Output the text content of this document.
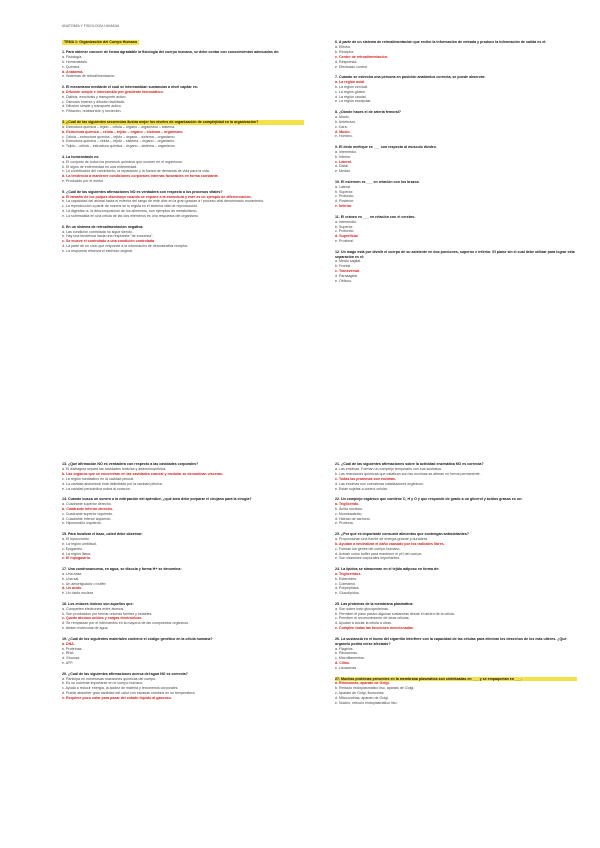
ANATOMÍA Y FISIOLOGÍA HUMANA
TEMA 1: Organización del Cuerpo Humano
1. Para obtener conocer de forma agradable la fisiología del cuerpo humano, se debe contar con conocimientos adecuados de:
a. Fisiología.
b. Homeostasis.
c. Química.
d. Anatomía.
e. Sistemas de retroalimentación.
2. El mecanismo mediante el cual se intercambian sustancias a nivel capilar es:
a. Difusión simple e intercambio por gradiente hidrostático.
b. Diálisis, exocitosis y transporte activo.
c. Ósmosis inversa y difusión facilitada.
d. Difusión simple y transporte activo.
e. Filtración, reabsorción y secreción.
3. ¿Cuál de las siguientes secuencias ilustra mejor los niveles de organización de complejidad en la organización?
a. Estructura química – tejido – célula – órgano – organismo – sistema.
b. Estructura química – célula – tejido – órgano – sistema – organismo.
c. Célula – estructura química – tejido – órgano – sistema – organismo.
d. Estructura química – célula – tejido – sistema – órgano – organismo.
e. Tejido – célula – estructura química – órgano – sistema – organismo.
4. La homeostasis es:
a. El conjunto de todos los procesos químicos que ocurren en el organismo.
b. El signo de enfermedad en una enfermedad.
c. La contribución del crecimiento, la reparación y la fuerza de demanda de vida para la vida.
d. La tendencia a mantener condiciones corporales internas favorables en forma constante.
e. Producido por el medio.
5. ¿Cuál de las siguientes afirmaciones NO es verdadera con respecto a los procesos vitales?
a. El tamaño de los pulpos disminuye cuando se expone a la estructura y este es un ejemplo de diferenciación.
b. La capacidad del animal hacia el exterior del rango de este dice en la gran gracias a l proceso vital denominado movimiento.
c. La reproducción a partir de nuevos se lo regula en el sistema vital de reproducción.
d. La digestión a, la descomposición de los alimentos, son ejemplos de metabolismo.
e. La sobresalida en una célula de las dos miembros es una respuesta del organismo.
6. En un sistema de retroalimentación negativa:
a. Las condición controlada no sigue siendo.
b. Hay una tendencia hacia una respuesta "de encuesta".
c. Se mueve el controlado a una condición controlada.
d. La parte de un ciclo que responde a la información de demostrativa receptor.
e. La respuesta refuerza el estímulo original.
6. A parte de un sistema de retroalimentación que recibe la información de entrada y produce la información de salida es el:
a. Efector.
b. Receptor.
c. Centro de retroalimentación.
d. Respuesta.
e. Efectuado control.
7. Cuando se estrecha una persona en posición anatómica correcta, se puede observar:
a. La región axial.
b. La región cervical.
c. La región glútea.
d. La región caudal.
e. La región escapular.
8. ¿Dónde haces el de arteria femoral?
a. Muslo.
b. Antebrazo.
c. Cara.
d. Muslo.
e. Hombro.
9. El dedo meñique es ___ con respecto al músculo diestro.
a. Intermedio.
b. Inferior.
c. Lateral.
d. Distal.
e. Medial.
10. El esternón es ___ en relación con los brazos.
a. Lateral.
b. Superior.
c. Profundo.
d. Posterior.
e. Inferior.
11. El cráneo es ___ en relación con el cerebro.
a. Intermedio.
b. Superior.
c. Profundo.
d. Superficial.
e. Proximal.
12. Un mago está por dividir el cuerpo de su asistente en dos porciones, superior e inferior. El plano sin el cual debe utilizar para lograr esta separación es el:
a. Medio sagital.
b. Frontal.
c. Transversal.
d. Parasagital.
e. Oblicuo.
13. ¿Qué afirmación NO es verdadera con respecto a las cavidades corporales?
a. El diafragma separa las cavidades torácica y abdominopélvica.
b. Las órganos que se encuentran en las cavidades craneal y medular se denominan vísceras.
c. La región mediastino en la cavidad pleural.
d. La cavidad abdominal está delimitada por la cavidad pélvica.
e. La cavidad pericárdica rodea al corazón.
14. Cuando busca un sonero a la extirpación del apéndice, ¿qué área debe preparar el cirujano para la cirugía?
a. Cuadrante superior derecho.
b. Cuadrante inferior derecho.
c. Cuadrante superior izquierdo.
d. Cuadrante inferior izquierdo.
e. Hipocondrio izquierdo.
15. Para localizar el bazo, usted debe observar:
a. El hipocondrio.
b. La región umbilical.
c. Epigastrio.
d. La región iliaca.
e. El hipogastrio.
17. Una condrosarcoma, en agua, se disocia y forma H+ se denomina:
a. Una base.
b. Una sal.
c. Un amortiguador o buffer.
d. Un ácido.
e. Un óxido nuclear.
18. Los enlaces iónicos son aquellos que:
a. Comparten electrones entre átomos.
b. Son producidos por formar uniones fuertes y estables.
c. Quede átomos unidos y cargas electrónicas.
d. Se remplazan por el intercambio en la mayoría de las compuestos orgánicos.
e. Atraen moléculas de agua.
19. ¿Cuál de los siguientes materiales contiene el código genético en la célula humana?
a. DNA.
b. Proteínas.
c. RNA.
d. Glucosa.
e. ATP.
20. ¿Cuál de las siguientes afirmaciones acerca del agua NO es correcta?
a. Participa en numerosas reacciones químicas del cuerpo.
b. Es un solvente importante en el cuerpo humano.
c. Ayuda a reducir energía, la acidez de materia y fenómenos corporales.
d. Puede absorber gran cantidad del calor con escasas cambios en su temperatura.
e. Requiere poco calor para pasar del estado líquido al gaseoso.
21. ¿Cuál de las siguientes afirmaciones sobre la actividad enzimática NO es correcta?
a. Las enzimas. Forman un complejo temporario con sus sustratos.
b. Las reacciones químicas que catalizan son las enzimas se alteran en forma permanente.
c. Todas las proteínas son enzimas.
d. Las enzimas son coenzimas catalizadores orgánicos.
e. Están sujetas a control celular.
22. Un complejo orgánico que contiene C, H y O y que responde de grado a un glicerol y ácidos grasos es un:
a. Triglicérido.
b. Ácido nucleico.
c. Monosacárido.
d. Hidrato de carbono.
e. Proteína.
23. ¿Por qué es importante consumir alimentos que contengan antioxidantes?
a. Proporcionan una fuente de energía grande y duradera.
b. Ayudan a neutralizar el daño causado por los radicales libres.
c. Forman los genes del cuerpo humano.
d. Actúan como buffer para mantener el pH del cuerpo.
e. Son vitamines corporales importantes.
24. La lípidos se almacenan en el tejido adiposo en forma de:
a. Triglicéridos.
b. Esteroides.
c. Colesterol.
d. Polipéptidos.
e. Glucolípidos.
25. Las proteínas de la membrana plasmática:
a. Son sobre todo glucoproteínas.
b. Permiten el paso pasivo algunas sustancias desde el dentro de la célula.
c. Permiten el reconocimiento de otras células.
d. Ayudan a anclar la célula a otras.
e. Cumplen todas las funciones mencionadas.
26. La sustancia en el humo del cigarrillo interfiere con la capacidad de las células para eliminar los desechos de los más ulteres. ¿Qué organelo podría verse afectado?
a. Flagelos.
b. Ribosomas.
c. Microfilamentos.
d. Cilios.
e. Lisosomas.
27. Muchas proteínas presentes en la membrana plasmática son sintetizadas en ___ y se empaquetan en ___.
a. Ribosomas, aparato de Golgi.
b. Retículo endoplasmático liso, aparato de Golgi.
c. Aparato de Golgi, lisosomas.
d. Mitocondrias, aparato de Golgi.
e. Núcleo, retículo endoplasmático liso.
